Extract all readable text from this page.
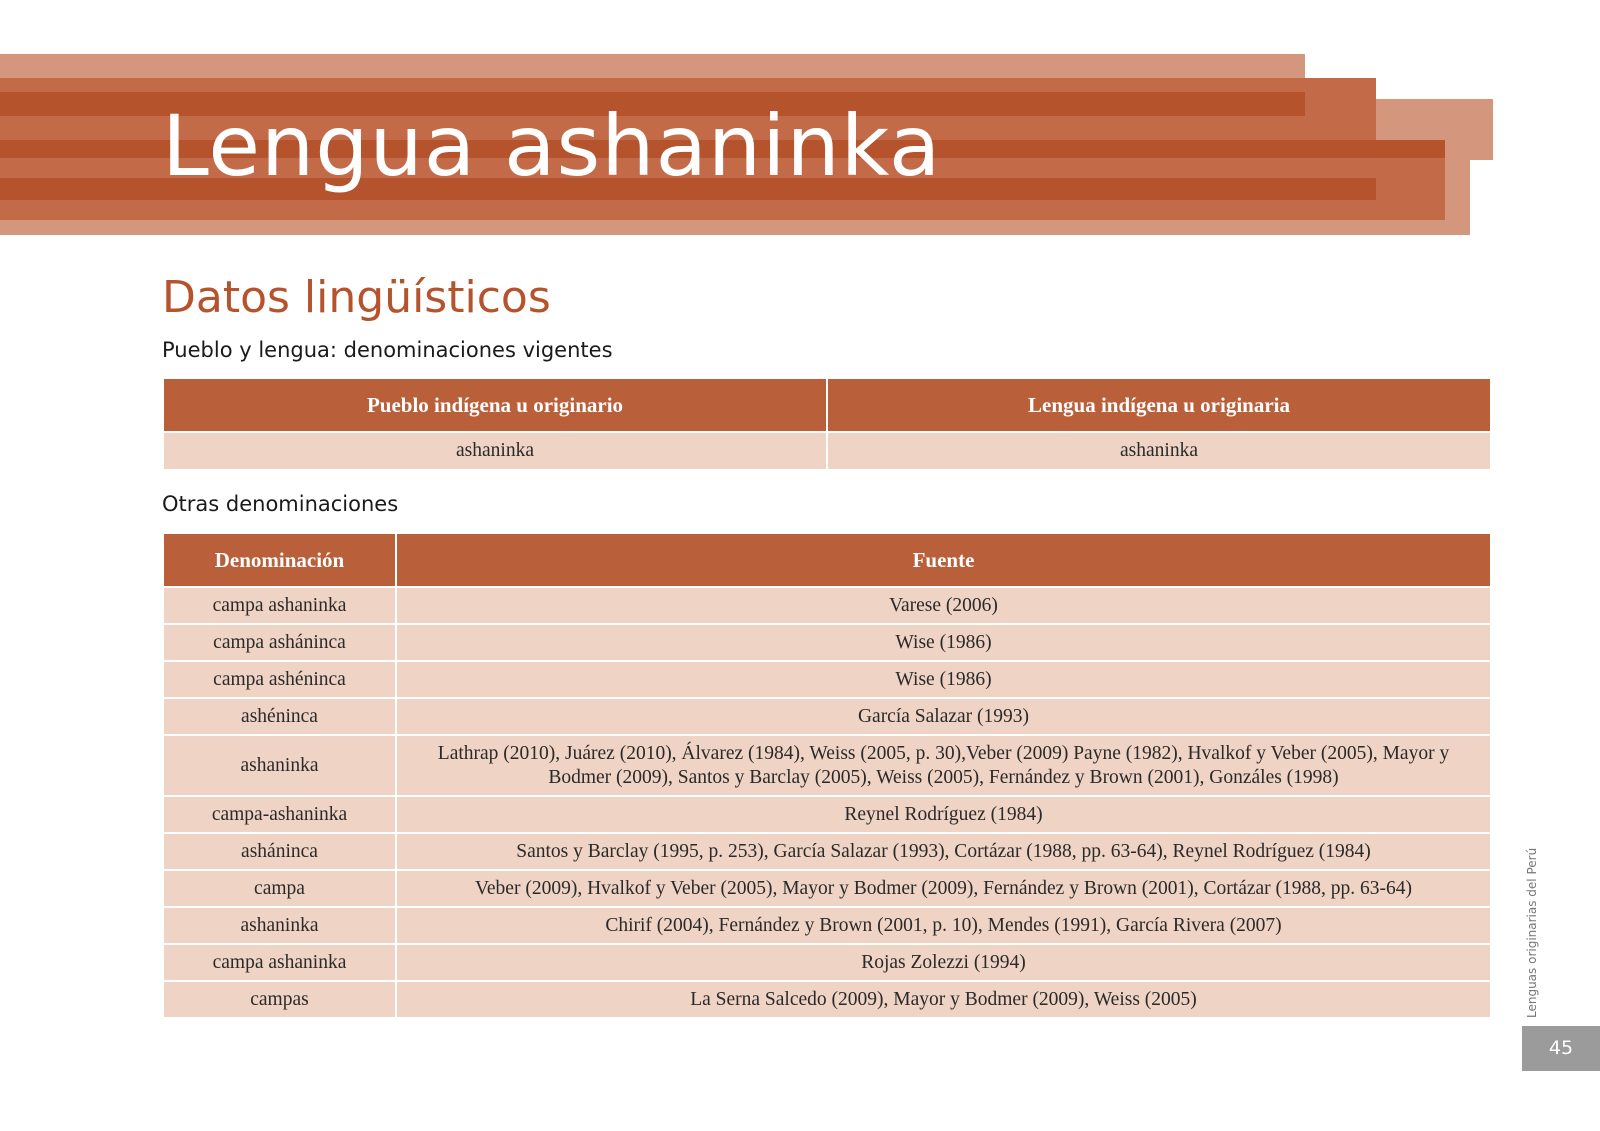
Lengua ashaninka
Datos lingüísticos

Pueblo y lengua: denominaciones vigentes

Pueblo indígena u originario	Lengua indígena u originaria
ashaninka	ashaninka

Otras denominaciones

Denominación	Fuente
campa ashaninka	Varese (2006)
campa asháninca	Wise (1986)
campa ashéninca	Wise (1986)
ashéninca	García Salazar (1993)
ashaninka	Lathrap (2010), Juárez (2010), Álvarez (1984), Weiss (2005, p. 30),Veber (2009) Payne (1982), Hvalkof y Veber (2005), Mayor y Bodmer (2009), Santos y Barclay (2005), Weiss (2005), Fernández y Brown (2001), Gonzáles (1998)
campa-ashaninka	Reynel Rodríguez (1984)
asháninca	Santos y Barclay (1995, p. 253), García Salazar (1993), Cortázar (1988, pp. 63-64), Reynel Rodríguez (1984)
campa	Veber (2009), Hvalkof y Veber (2005), Mayor y Bodmer (2009), Fernández y Brown (2001), Cortázar (1988, pp. 63-64)
ashaninka	Chirif (2004), Fernández y Brown (2001, p. 10), Mendes (1991), García Rivera (2007)
campa ashaninka	Rojas Zolezzi (1994)
campas	La Serna Salcedo (2009), Mayor y Bodmer (2009), Weiss (2005)	Lenguas originarias del Perú
45
